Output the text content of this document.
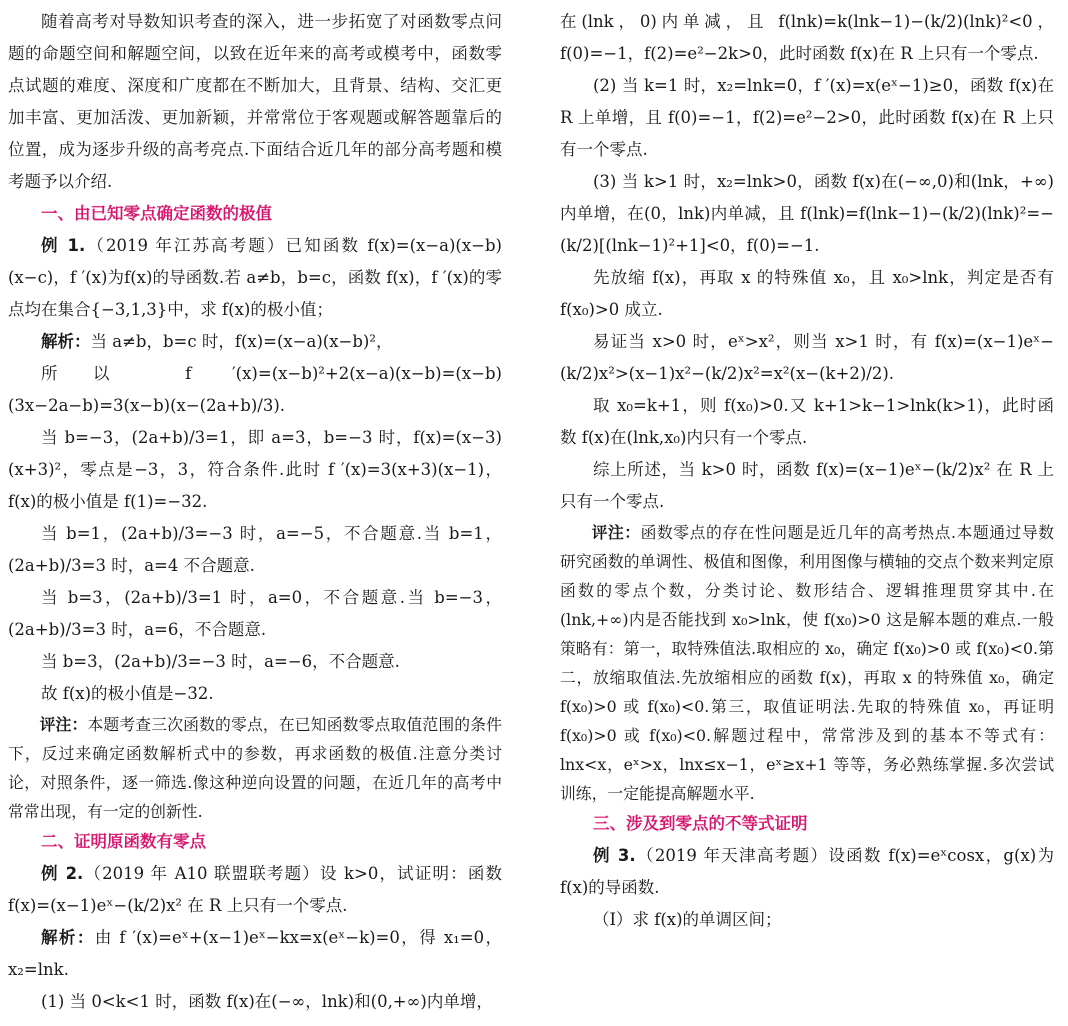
随着高考对导数知识考查的深入，进一步拓宽了对函数零点问题的命题空间和解题空间，以致在近年来的高考或模考中，函数零点试题的难度、深度和广度都在不断加大，且背景、结构、交汇更加丰富、更加活泼、更加新颖，并常常位于客观题或解答题靠后的位置，成为逐步升级的高考亮点.下面结合近几年的部分高考题和模考题予以介绍.

一、由已知零点确定函数的极值

例 1.（2019 年江苏高考题）已知函数 f(x)=(x−a)(x−b)(x−c)，f ′(x)为f(x)的导函数.若 a≠b，b=c，函数 f(x)，f ′(x)的零点均在集合{−3,1,3}中，求 f(x)的极小值；

解析：当 a≠b，b=c 时，f(x)=(x−a)(x−b)²，

所以 f ′(x)=(x−b)²+2(x−a)(x−b)=(x−b)(3x−2a−b)=3(x−b)(x−(2a+b)/3).

当 b=−3，(2a+b)/3=1，即 a=3，b=−3 时，f(x)=(x−3)(x+3)²，零点是−3，3，符合条件.此时 f ′(x)=3(x+3)(x−1)，f(x)的极小值是 f(1)=−32.

当 b=1，(2a+b)/3=−3 时，a=−5，不合题意.当 b=1，(2a+b)/3=3 时，a=4 不合题意.

当 b=3，(2a+b)/3=1 时，a=0，不合题意.当 b=−3，(2a+b)/3=3 时，a=6，不合题意.

当 b=3，(2a+b)/3=−3 时，a=−6，不合题意.

故 f(x)的极小值是−32.

评注：本题考查三次函数的零点，在已知函数零点取值范围的条件下，反过来确定函数解析式中的参数，再求函数的极值.注意分类讨论，对照条件，逐一筛选.像这种逆向设置的问题，在近几年的高考中常常出现，有一定的创新性.

二、证明原函数有零点

例 2.（2019 年 A10 联盟联考题）设 k>0，试证明：函数 f(x)=(x−1)eˣ−(k/2)x² 在 R 上只有一个零点.

解析：由 f ′(x)=eˣ+(x−1)eˣ−kx=x(eˣ−k)=0，得 x₁=0，x₂=lnk.

(1) 当 0<k<1 时，函数 f(x)在(−∞，lnk)和(0,+∞)内单增，

在(lnk，0)内单减，且 f(lnk)=k(lnk−1)−(k/2)(lnk)²<0，f(0)=−1，f(2)=e²−2k>0，此时函数 f(x)在 R 上只有一个零点.

(2) 当 k=1 时，x₂=lnk=0，f ′(x)=x(eˣ−1)≥0，函数 f(x)在 R 上单增，且 f(0)=−1，f(2)=e²−2>0，此时函数 f(x)在 R 上只有一个零点.

(3) 当 k>1 时，x₂=lnk>0，函数 f(x)在(−∞,0)和(lnk，+∞)内单增，在(0，lnk)内单减，且 f(lnk)=f(lnk−1)−(k/2)(lnk)²=−(k/2)[(lnk−1)²+1]<0，f(0)=−1.

先放缩 f(x)，再取 x 的特殊值 x₀，且 x₀>lnk，判定是否有 f(x₀)>0 成立.

易证当 x>0 时，eˣ>x²，则当 x>1 时，有 f(x)=(x−1)eˣ−(k/2)x²>(x−1)x²−(k/2)x²=x²(x−(k+2)/2).

取 x₀=k+1，则 f(x₀)>0.又 k+1>k−1>lnk(k>1)，此时函数 f(x)在(lnk,x₀)内只有一个零点.

综上所述，当 k>0 时，函数 f(x)=(x−1)eˣ−(k/2)x² 在 R 上只有一个零点.

评注：函数零点的存在性问题是近几年的高考热点.本题通过导数研究函数的单调性、极值和图像，利用图像与横轴的交点个数来判定原函数的零点个数，分类讨论、数形结合、逻辑推理贯穿其中.在(lnk,+∞)内是否能找到 x₀>lnk，使 f(x₀)>0 这是解本题的难点.一般策略有：第一，取特殊值法.取相应的 x₀，确定 f(x₀)>0 或 f(x₀)<0.第二，放缩取值法.先放缩相应的函数 f(x)，再取 x 的特殊值 x₀，确定 f(x₀)>0 或 f(x₀)<0.第三，取值证明法.先取的特殊值 x₀，再证明 f(x₀)>0 或 f(x₀)<0.解题过程中，常常涉及到的基本不等式有：lnx<x，eˣ>x，lnx≤x−1，eˣ≥x+1 等等，务必熟练掌握.多次尝试训练，一定能提高解题水平.

三、涉及到零点的不等式证明

例 3.（2019 年天津高考题）设函数 f(x)=eˣcosx，g(x)为 f(x)的导函数.

（Ⅰ）求 f(x)的单调区间；
